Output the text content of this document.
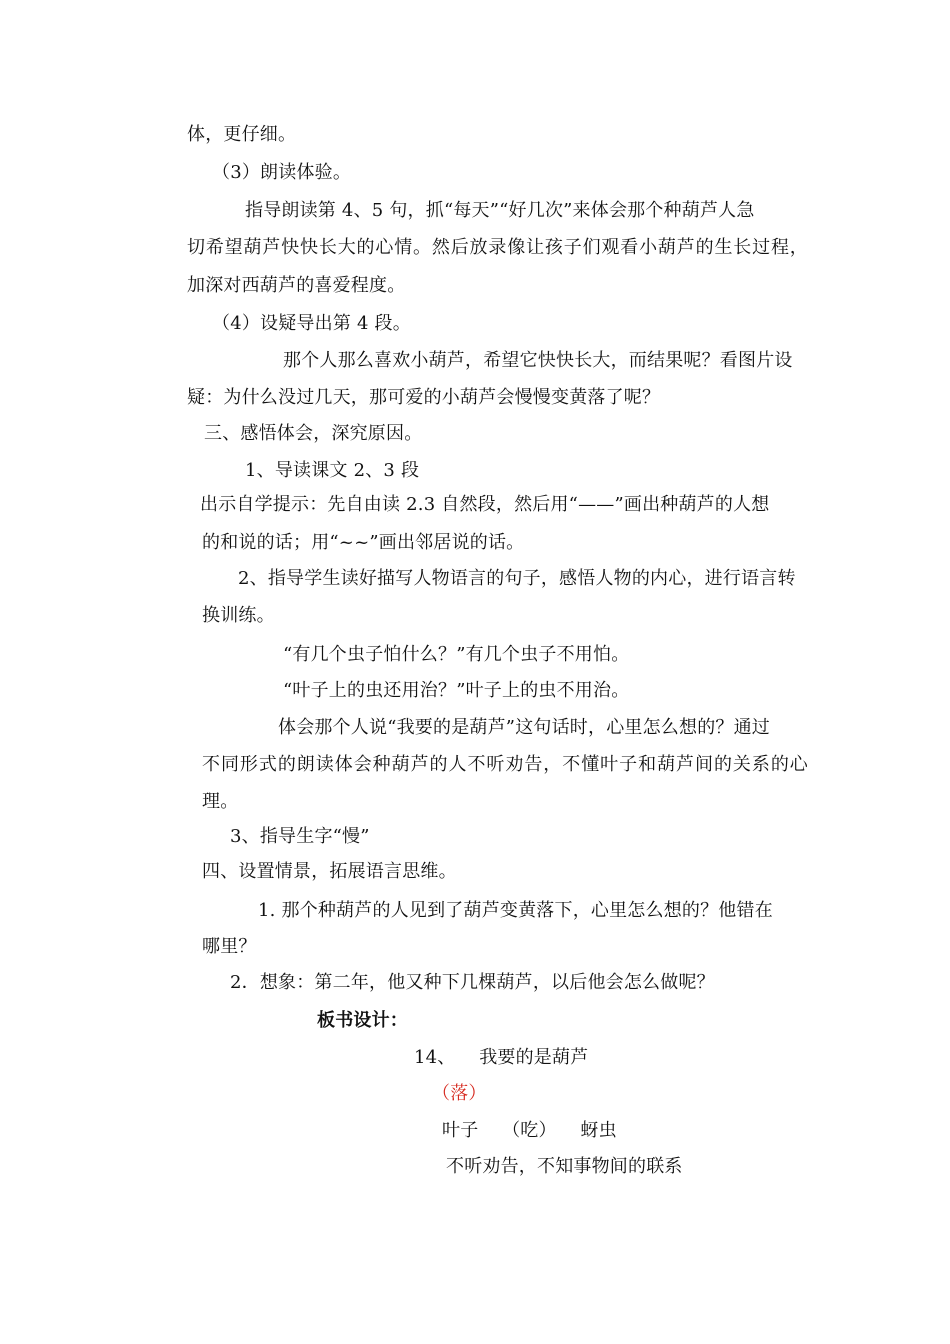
体，更仔细。
（3）朗读体验。
指导朗读第 4、5 句，抓“每天”“好几次”来体会那个种葫芦人急
切希望葫芦快快长大的心情。然后放录像让孩子们观看小葫芦的生长过程，
加深对西葫芦的喜爱程度。
（4）设疑导出第 4 段。
那个人那么喜欢小葫芦，希望它快快长大，而结果呢？看图片设
疑：为什么没过几天，那可爱的小葫芦会慢慢变黄落了呢？
三、感悟体会，深究原因。
1、导读课文 2、3 段
出示自学提示：先自由读 2.3 自然段，然后用“——”画出种葫芦的人想
的和说的话；用“~~”画出邻居说的话。
2、指导学生读好描写人物语言的句子，感悟人物的内心，进行语言转
换训练。
“有几个虫子怕什么？”有几个虫子不用怕。
“叶子上的虫还用治？”叶子上的虫不用治。
体会那个人说“我要的是葫芦”这句话时，心里怎么想的？通过
不同形式的朗读体会种葫芦的人不听劝告，不懂叶子和葫芦间的关系的心
理。
3、指导生字“慢”
四、设置情景，拓展语言思维。
1. 那个种葫芦的人见到了葫芦变黄落下，心里怎么想的？他错在
哪里？
2．想象：第二年，他又种下几棵葫芦，以后他会怎么做呢？
板书设计：
14、    我要的是葫芦
（落）
叶子    （吃）    蚜虫
不听劝告，不知事物间的联系
